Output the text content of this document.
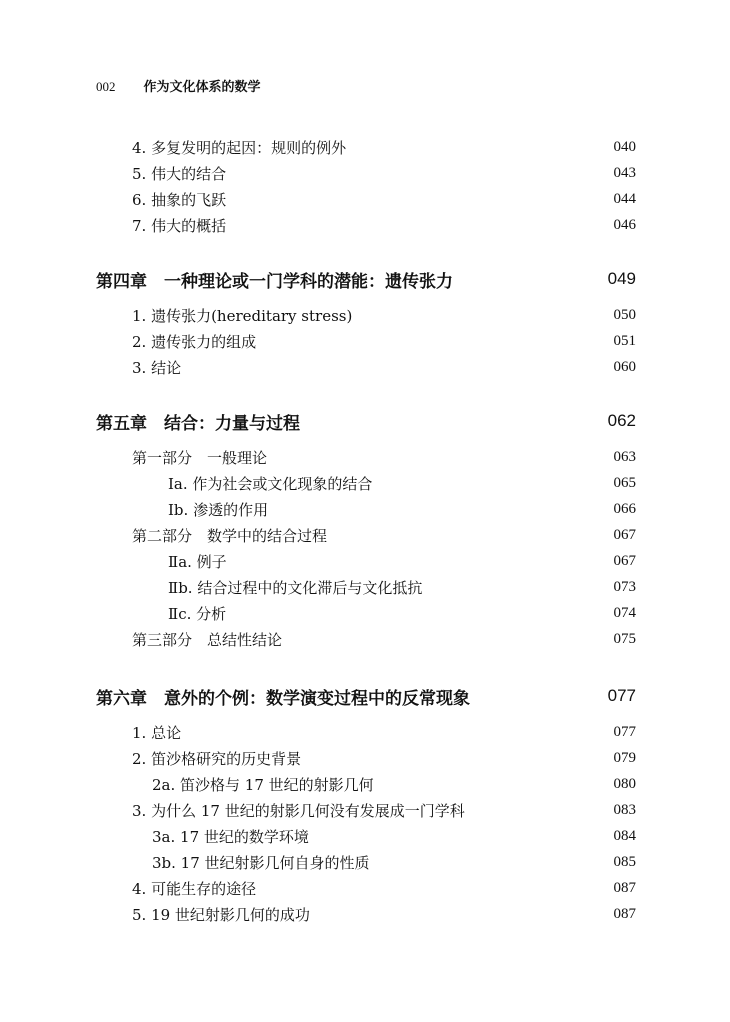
002 作为文化体系的数学
4. 多复发明的起因：规则的例外	040
5. 伟大的结合	043
6. 抽象的飞跃	044
7. 伟大的概括	046
第四章　一种理论或一门学科的潜能：遗传张力	049
1. 遗传张力(hereditary stress)	050
2. 遗传张力的组成	051
3. 结论	060
第五章　结合：力量与过程	062
第一部分　一般理论	063
Ⅰa. 作为社会或文化现象的结合	065
Ⅰb. 渗透的作用	066
第二部分　数学中的结合过程	067
Ⅱa. 例子	067
Ⅱb. 结合过程中的文化滞后与文化抵抗	073
Ⅱc. 分析	074
第三部分　总结性结论	075
第六章　意外的个例：数学演变过程中的反常现象	077
1. 总论	077
2. 笛沙格研究的历史背景	079
2a. 笛沙格与 17 世纪的射影几何	080
3. 为什么 17 世纪的射影几何没有发展成一门学科	083
3a. 17 世纪的数学环境	084
3b. 17 世纪射影几何自身的性质	085
4. 可能生存的途径	087
5. 19 世纪射影几何的成功	087
